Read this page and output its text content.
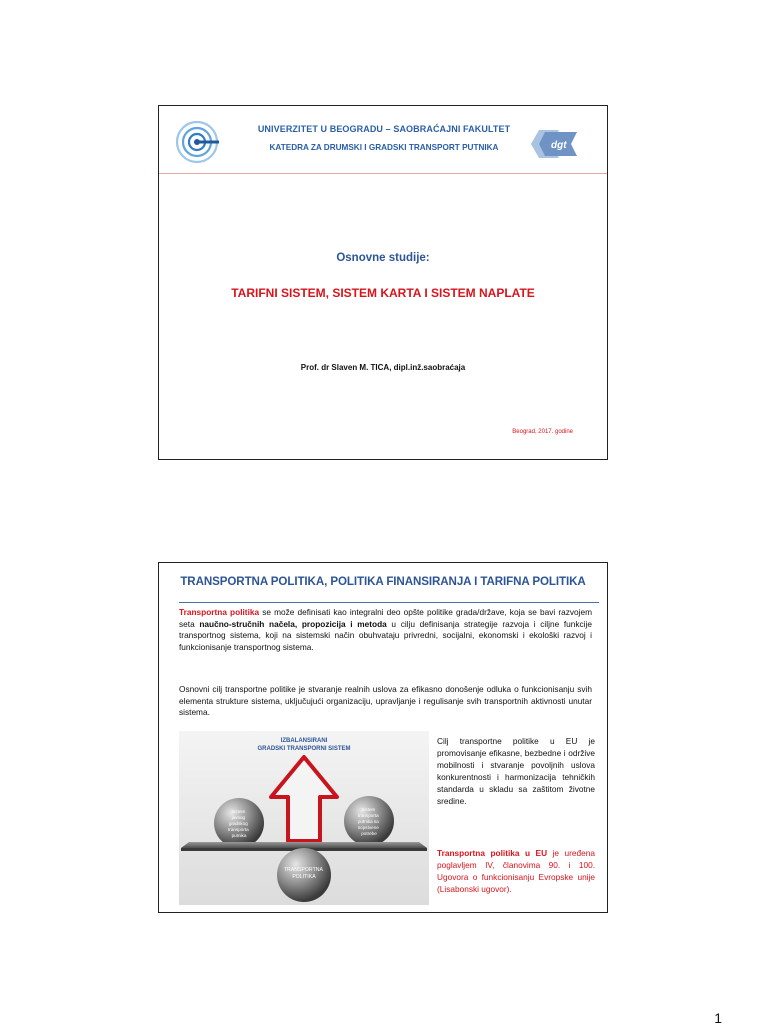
UNIVERZITET U BEOGRADU – SAOBRAĆAJNI FAKULTET
KATEDRA ZA DRUMSKI I GRADSKI TRANSPORT PUTNIKA	dgt
Osnovne studije:
TARIFNI SISTEM, SISTEM KARTA I SISTEM NAPLATE
Prof. dr Slaven M. TICA, dipl.inž.saobraćaja
Beograd, 2017. godine
TRANSPORTNA POLITIKA, POLITIKA FINANSIRANJA I TARIFNA POLITIKA
Transportna politika se može definisati kao integralni deo opšte politike grada/države, koja se bavi razvojem seta naučno-stručnih načela, propozicija i metoda u cilju definisanja strategije razvoja i ciljne funkcije transportnog sistema, koji na sistemski način obuhvataju privredni, socijalni, ekonomski i ekološki razvoj i funkcionisanje transportnog sistema.
Osnovni cilj transportne politike je stvaranje realnih uslova za efikasno donošenje odluka o funkcionisanju svih elementa strukture sistema, uključujući organizaciju, upravljanje i regulisanje svih transportnih aktivnosti unutar sistema.
IZBALANSIRANI
GRADSKI TRANSPORNI SISTEM
Sistem javnog gradskog transporta putnika
Sistem transporta putnika sa sopstvene potrebe
TRANSPORTNA POLITIKA
Cilj transportne politike u EU je promovisanje efikasne, bezbedne i održive mobilnosti i stvaranje povoljnih uslova konkurentnosti i harmonizacija tehničkih standarda u skladu sa zaštitom životne sredine.
Transportna politika u EU je uređena poglavljem IV, članovima 90. i 100. Ugovora o funkcionisanju Evropske unije (Lisabonski ugovor).
1
